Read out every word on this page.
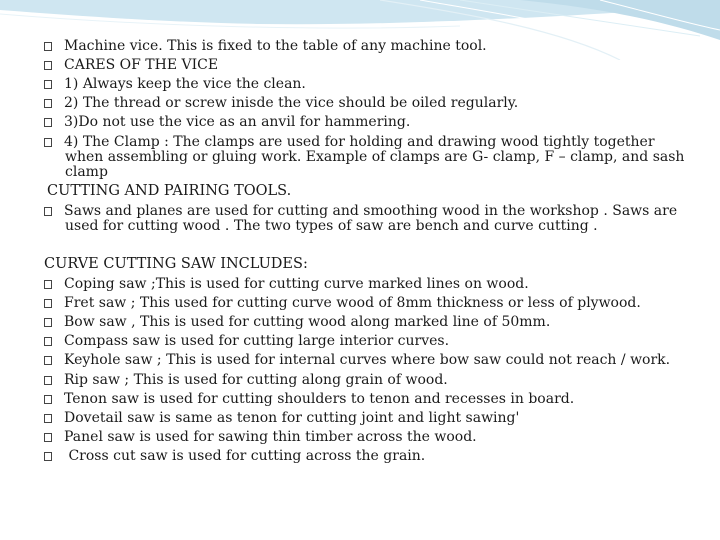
Machine vice. This is fixed to the table of any machine tool.
CARES OF THE VICE
1) Always keep the vice the clean.
2) The thread or screw inisde the vice should be oiled regularly.
3)Do not use the vice as an anvil for hammering.
4) The Clamp : The clamps are used for holding and drawing wood tightly together when assembling or gluing work. Example of clamps are G- clamp, F – clamp, and sash clamp
CUTTING AND PAIRING TOOLS.
Saws and planes are used for cutting and smoothing wood in the workshop . Saws are used for cutting wood . The two types of saw are bench and curve cutting .
CURVE CUTTING SAW INCLUDES:
Coping saw ;This is used for cutting curve marked lines on wood.
Fret saw ; This used for cutting curve wood of 8mm thickness or less of plywood.
Bow saw , This is used for cutting wood along marked line of 50mm.
Compass saw is used for cutting large interior curves.
Keyhole saw ; This is used for internal curves where bow saw could not reach / work.
Rip saw ; This is used for cutting along grain of wood.
Tenon saw is used for cutting shoulders to tenon and recesses in board.
Dovetail saw is same as tenon for cutting joint and light sawing'
Panel saw is used for sawing thin timber across the wood.
Cross cut saw is used for cutting across the grain.
